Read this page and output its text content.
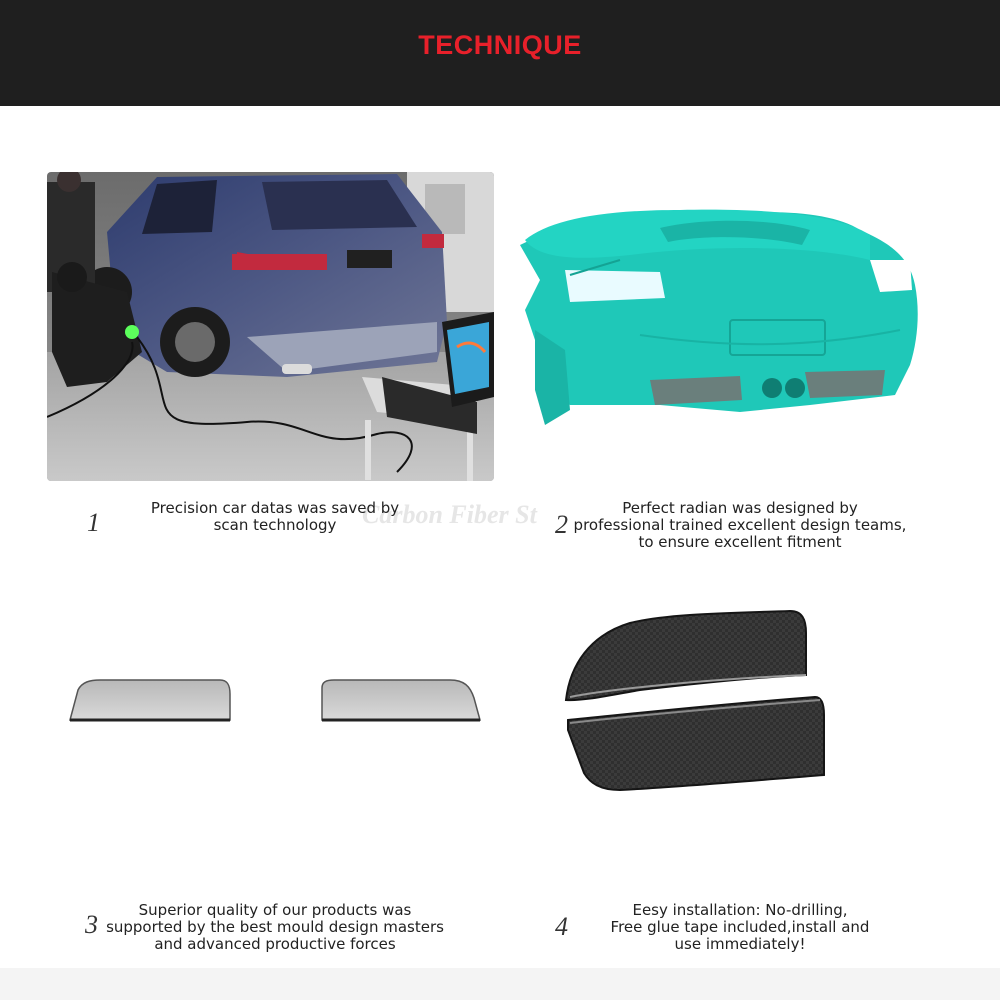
TECHNIQUE
Carbon Fiber St
1	Precision car datas was saved by
scan technology	2
Perfect radian was designed by
professional trained excellent design teams,
to ensure excellent fitment
3	Superior quality of our products was
supported by the best mould design masters
and advanced productive forces
4
Eesy installation: No-drilling,
Free glue tape included,install and
use immediately!
